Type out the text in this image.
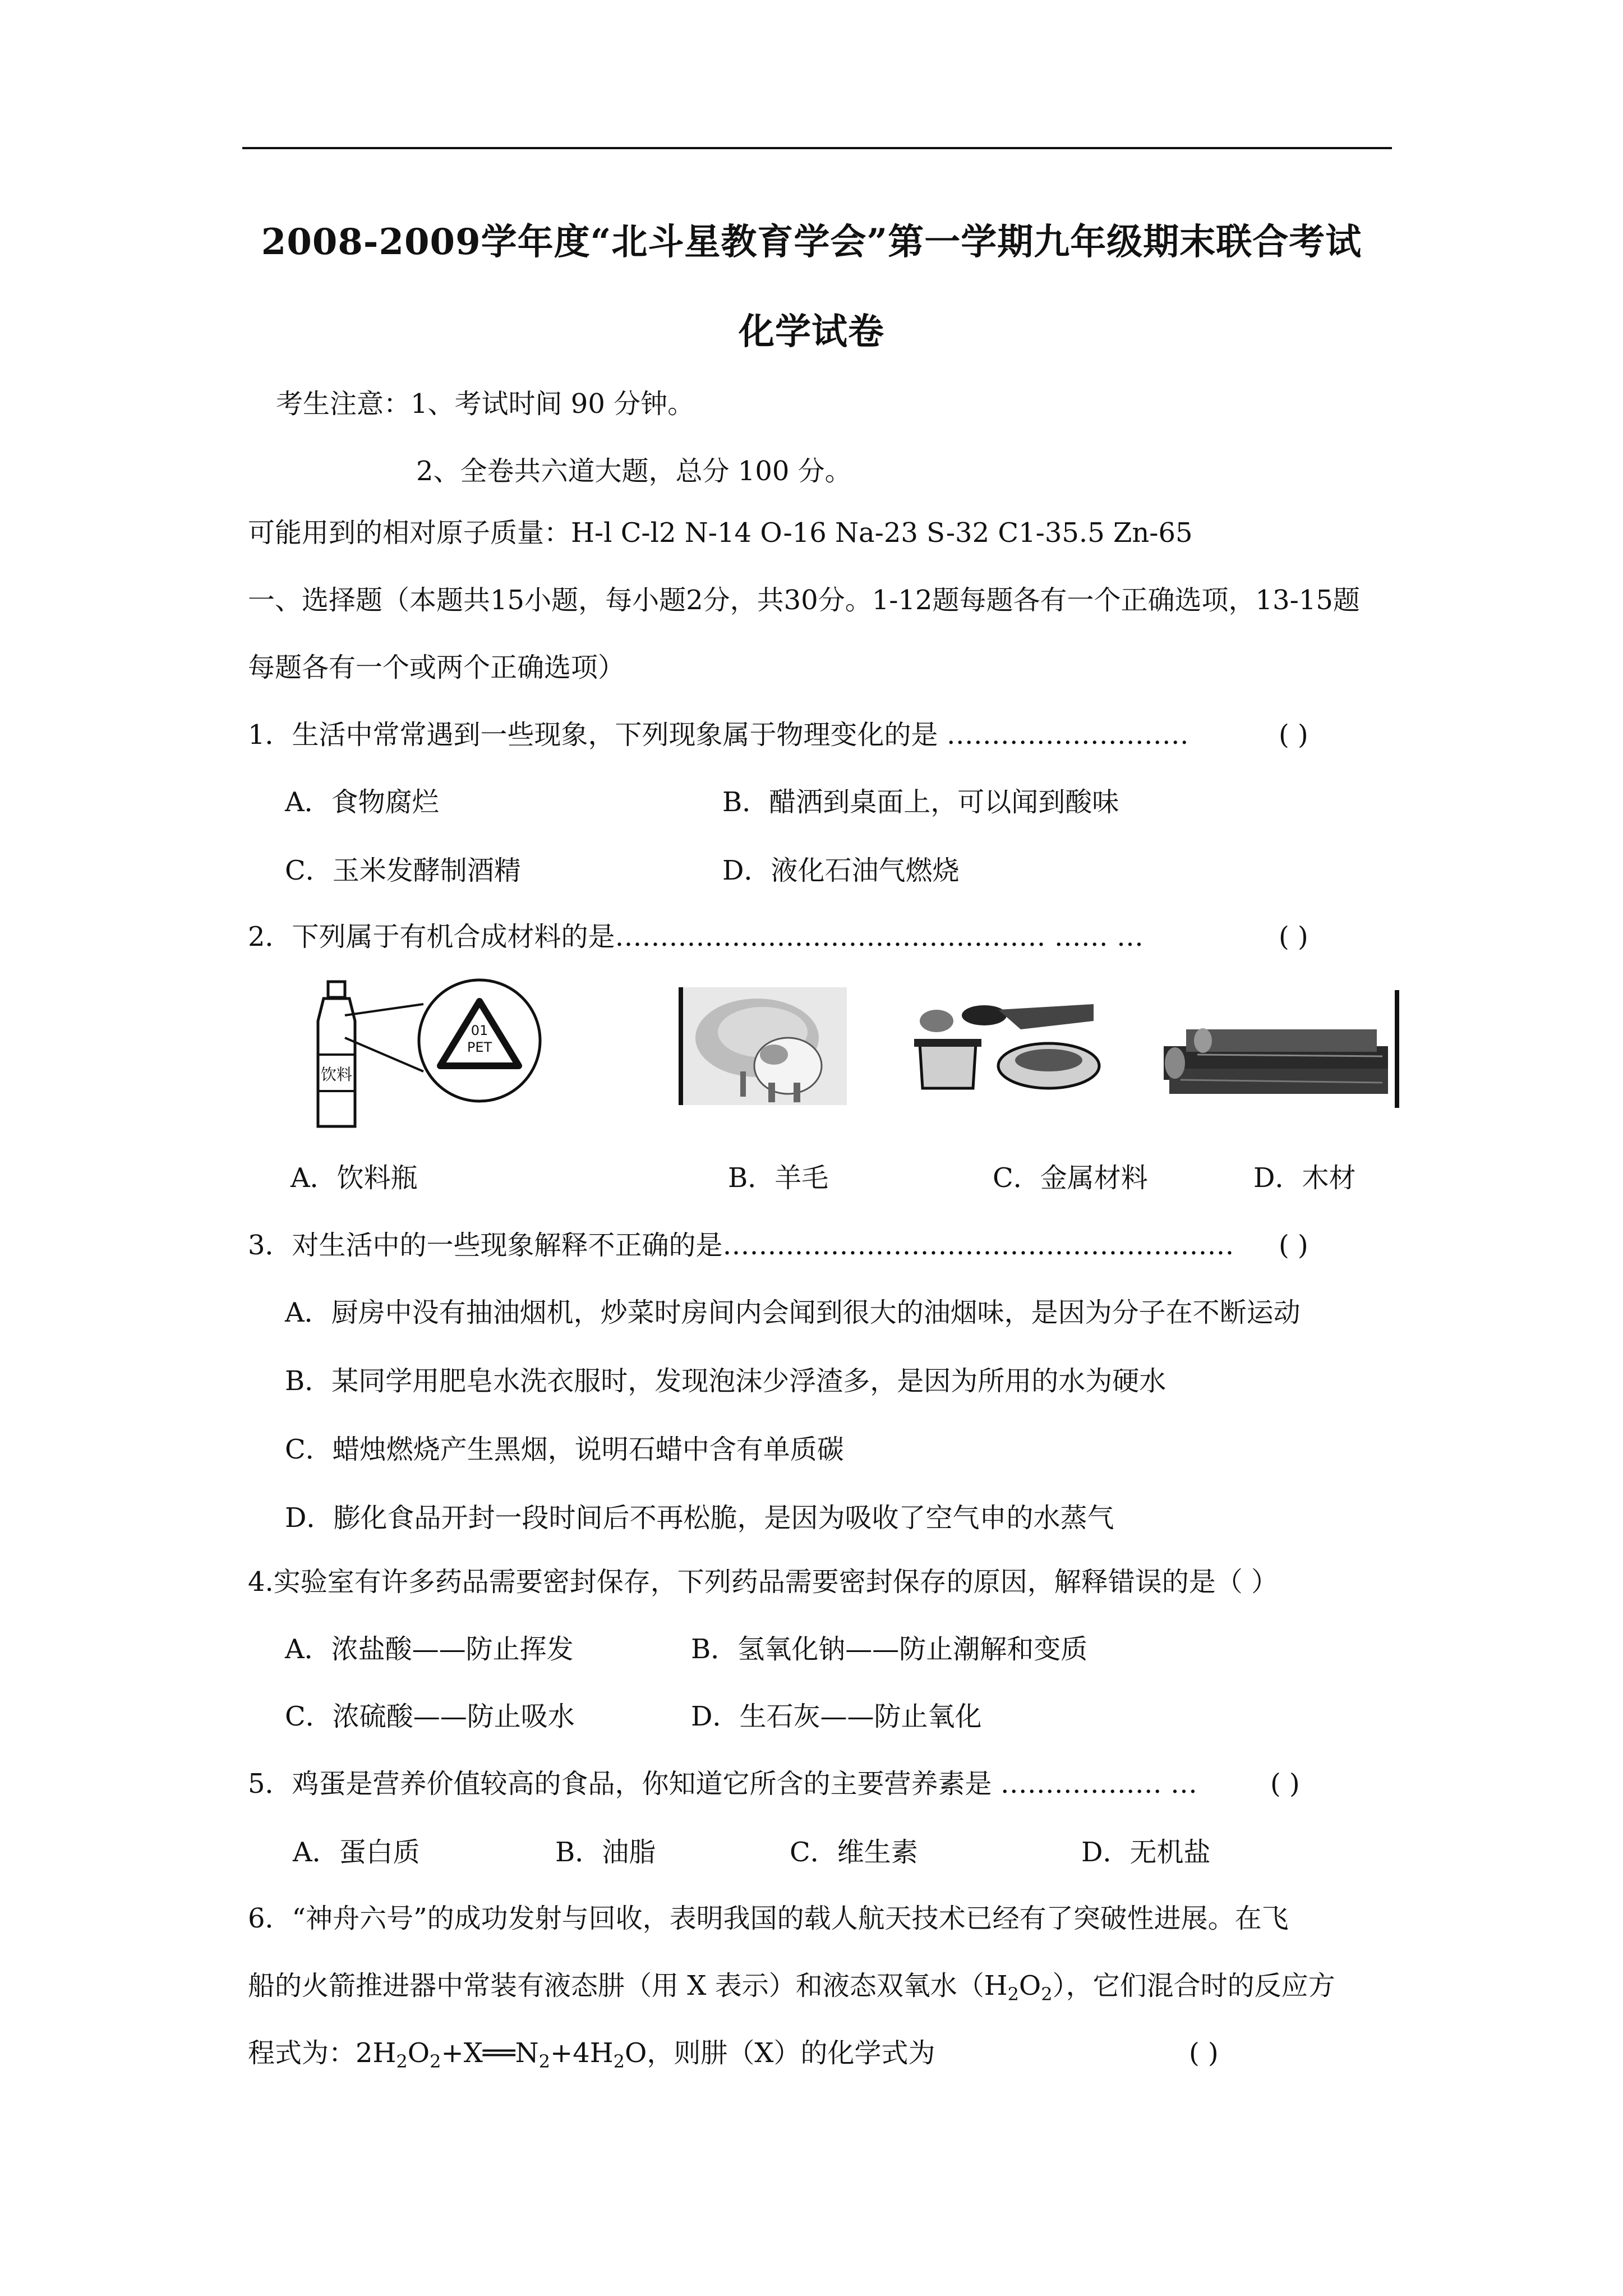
2008-2009学年度“北斗星教育学会”第一学期九年级期末联合考试
化学试卷
考生注意：1、考试时间 90 分钟。
2、全卷共六道大题，总分 100 分。
可能用到的相对原子质量：H-l C-l2 N-14 O-16 Na-23 S-32 C1-35.5 Zn-65
一、选择题（本题共15小题，每小题2分，共30分。1-12题每题各有一个正确选项，13-15题
每题各有一个或两个正确选项）
1．生活中常常遇到一些现象，下列现象属于物理变化的是 ………………………	( )
A．食物腐烂	B．醋洒到桌面上，可以闻到酸味
C．玉米发酵制酒精	D．液化石油气燃烧
2．下列属于有机合成材料的是………………………………………… …… …	( )
饮料
01
PET
A．饮料瓶	B．羊毛	C．金属材料	D．木材
3．对生活中的一些现象解释不正确的是………………………………………………… ( )
A．厨房中没有抽油烟机，炒菜时房间内会闻到很大的油烟味，是因为分子在不断运动
B．某同学用肥皂水洗衣服时，发现泡沫少浮渣多，是因为所用的水为硬水
C．蜡烛燃烧产生黑烟，说明石蜡中含有单质碳
D．膨化食品开封一段时间后不再松脆，是因为吸收了空气申的水蒸气
4.实验室有许多药品需要密封保存，下列药品需要密封保存的原因，解释错误的是（ ）
A．浓盐酸——防止挥发	B．氢氧化钠——防止潮解和变质
C．浓硫酸——防止吸水	D．生石灰——防止氧化
5．鸡蛋是营养价值较高的食品，你知道它所含的主要营养素是 ……………… …	( )
A．蛋白质	B．油脂	C．维生素	D．无机盐
6．“神舟六号”的成功发射与回收，表明我国的载人航天技术已经有了突破性进展。在飞
船的火箭推进器中常装有液态肼（用 X 表示）和液态双氧水$(H_2O_2)$，它们混合时的反应方
程式为：$2H_2O_2+X══N_2+4H_2O$，则肼（X）的化学式为	( )
